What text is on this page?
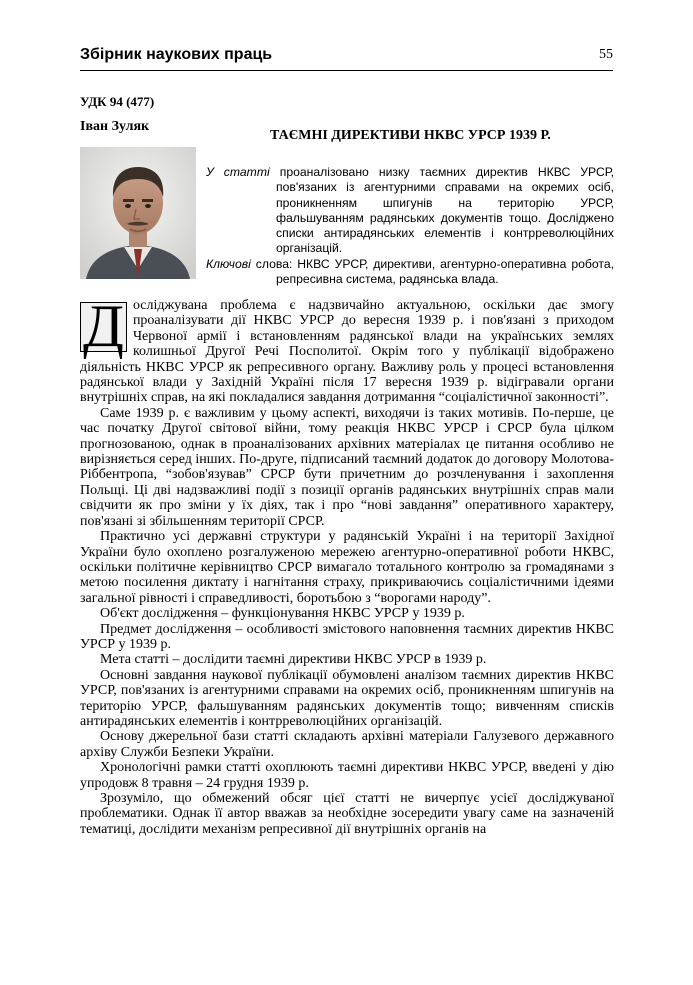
Збірник наукових праць	55
УДК 94 (477)
Іван Зуляк
ТАЄМНІ ДИРЕКТИВИ НКВС УРСР 1939 Р.
У статті проаналізовано низку таємних директив НКВС УРСР, пов'язаних із агентурними справами на окремих осіб, проникненням шпигунів на територію УРСР, фальшуванням радянських документів тощо. Досліджено списки антирадянських елементів і контрреволюційних організацій.
Ключові слова: НКВС УРСР, директиви, агентурно-оперативна робота, репресивна система, радянська влада.

Д осліджувана проблема є надзвичайно актуальною, оскільки дає змогу проаналізувати дії НКВС УРСР до вересня 1939 р. і пов'язані з приходом Червоної армії і встановленням радянської влади на українських землях колишньої Другої Речі Посполитої. Окрім того у публікації відображено діяльність НКВС УРСР як репресивного органу. Важливу роль у процесі встановлення радянської влади у Західній Україні після 17 вересня 1939 р. відігравали органи внутрішніх справ, на які покладалися завдання дотримання “соціалістичної законності”.

Саме 1939 р. є важливим у цьому аспекті, виходячи із таких мотивів. По-перше, це час початку Другої світової війни, тому реакція НКВС УРСР і СРСР була цілком прогнозованою, однак в проаналізованих архівних матеріалах це питання особливо не вирізняється серед інших. По-друге, підписаний таємний додаток до договору Молотова-Ріббентропа, “зобов'язував” СРСР бути причетним до розчленування і захоплення Польщі. Ці дві надзважливі події з позиції органів радянських внутрішніх справ мали свідчити як про зміни у їх діях, так і про “нові завдання” оперативного характеру, пов'язані зі збільшенням території СРСР.

Практично усі державні структури у радянській Україні і на території Західної України було охоплено розгалуженою мережею агентурно-оперативної роботи НКВС, оскільки політичне керівництво СРСР вимагало тотального контролю за громадянами з метою посилення диктату і нагнітання страху, прикриваючись соціалістичними ідеями загальної рівності і справедливості, боротьбою з “ворогами народу”.

Об'єкт дослідження – функціонування НКВС УРСР у 1939 р.

Предмет дослідження – особливості змістового наповнення таємних директив НКВС УРСР у 1939 р.

Мета статті – дослідити таємні директиви НКВС УРСР в 1939 р.

Основні завдання наукової публікації обумовлені аналізом таємних директив НКВС УРСР, пов'язаних із агентурними справами на окремих осіб, проникненням шпигунів на територію УРСР, фальшуванням радянських документів тощо; вивченням списків антирадянських елементів і контрреволюційних організацій.

Основу джерельної бази статті складають архівні матеріали Галузевого державного архіву Служби Безпеки України.

Хронологічні рамки статті охоплюють таємні директиви НКВС УРСР, введені у дію упродовж 8 травня – 24 грудня 1939 р.

Зрозуміло, що обмежений обсяг цієї статті не вичерпує усієї досліджуваної проблематики. Однак її автор вважав за необхідне зосередити увагу саме на зазначеній тематиці, дослідити механізм репресивної дії внутрішніх органів на
